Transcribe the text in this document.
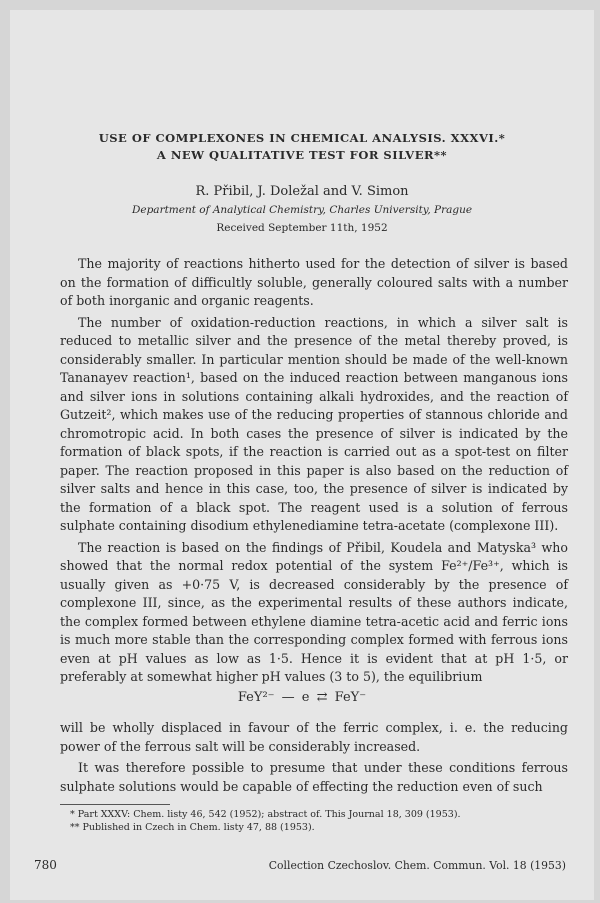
USE OF COMPLEXONES IN CHEMICAL ANALYSIS. XXXVI.*
A NEW QUALITATIVE TEST FOR SILVER**
R. Přibil, J. Doležal and V. Simon
Department of Analytical Chemistry, Charles University, Prague
Received September 11th, 1952

The majority of reactions hitherto used for the detection of silver is based on the formation of difficultly soluble, generally coloured salts with a number of both inorganic and organic reagents.

The number of oxidation-reduction reactions, in which a silver salt is reduced to metallic silver and the presence of the metal thereby proved, is considerably smaller. In particular mention should be made of the well-known Tananayev reaction¹, based on the induced reaction between manganous ions and silver ions in solutions containing alkali hydroxides, and the reaction of Gutzeit², which makes use of the reducing properties of stannous chloride and chromotropic acid. In both cases the presence of silver is indicated by the formation of black spots, if the reaction is carried out as a spot-test on filter paper. The reaction proposed in this paper is also based on the reduction of silver salts and hence in this case, too, the presence of silver is indicated by the formation of a black spot. The reagent used is a solution of ferrous sulphate containing disodium ethylenediamine tetra-acetate (complexone III).

The reaction is based on the findings of Přibil, Koudela and Matyska³ who showed that the normal redox potential of the system Fe²⁺/Fe³⁺, which is usually given as +0·75 V, is decreased considerably by the presence of complexone III, since, as the experimental results of these authors indicate, the complex formed between ethylene diamine tetra-acetic acid and ferric ions is much more stable than the corresponding complex formed with ferrous ions even at pH values as low as 1·5. Hence it is evident that at pH 1·5, or preferably at somewhat higher pH values (3 to 5), the equilibrium

FeY²⁻ — e ⇄ FeY⁻

will be wholly displaced in favour of the ferric complex, i. e. the reducing power of the ferrous salt will be considerably increased.

It was therefore possible to presume that under these conditions ferrous sulphate solutions would be capable of effecting the reduction even of such

* Part XXXV: Chem. listy 46, 542 (1952); abstract of. This Journal 18, 309 (1953).
** Published in Czech in Chem. listy 47, 88 (1953).
780	Collection Czechoslov. Chem. Commun. Vol. 18 (1953)
